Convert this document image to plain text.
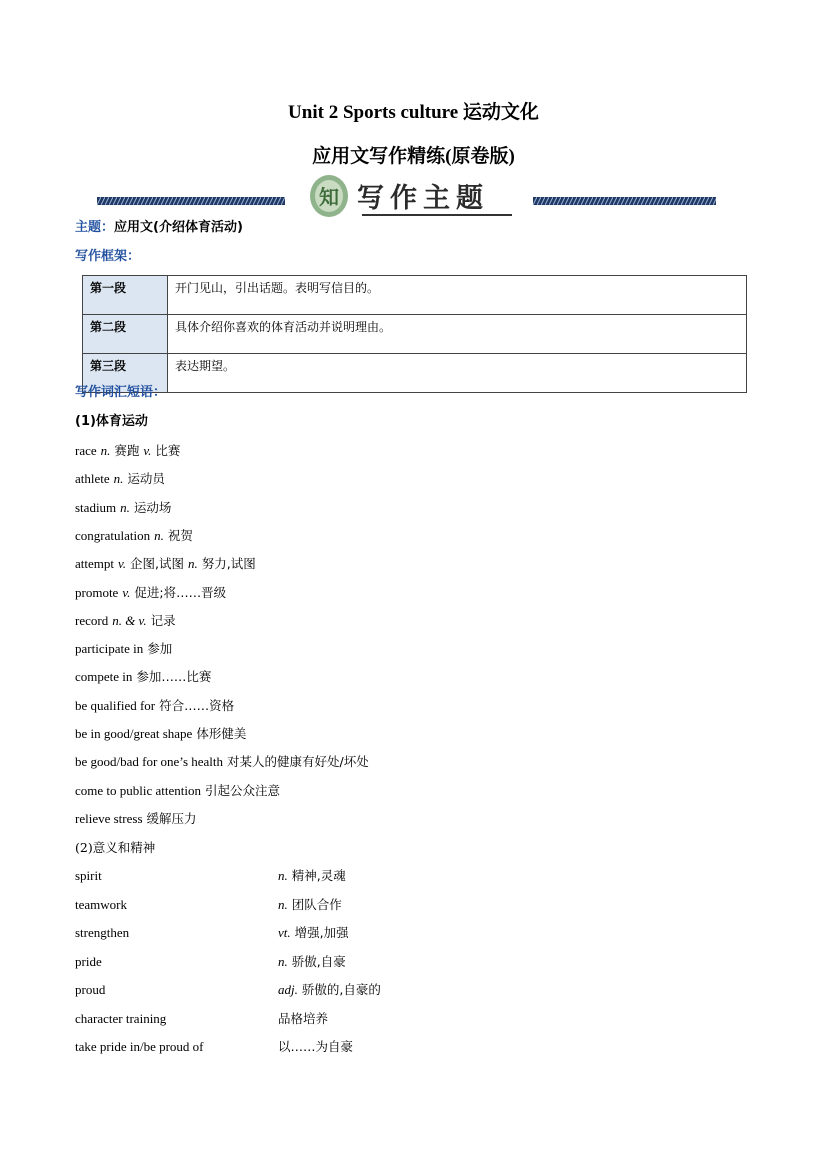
Unit 2 Sports culture 运动文化
应用文写作精练(原卷版)
知 写作主题
主题：应用文(介绍体育活动)
写作框架：
第一段	开门见山，引出话题。表明写信目的。
第二段	具体介绍你喜欢的体育活动并说明理由。
第三段	表达期望。
写作词汇短语：
(1)体育运动
race n. 赛跑 v. 比赛
athlete n. 运动员
stadium n. 运动场
congratulation n. 祝贺
attempt v. 企图,试图 n. 努力,试图
promote v. 促进;将……晋级
record n. & v. 记录
participate in 参加
compete in 参加……比赛
be qualified for 符合……资格
be in good/great shape 体形健美
be good/bad for one’s health 对某人的健康有好处/坏处
come to public attention 引起公众注意
relieve stress 缓解压力
(2)意义和精神
spirit	n. 精神,灵魂
teamwork	n. 团队合作
strengthen	vt. 增强,加强
pride	n. 骄傲,自豪
proud	adj. 骄傲的,自豪的
character training	品格培养
take pride in/be proud of	以……为自豪
